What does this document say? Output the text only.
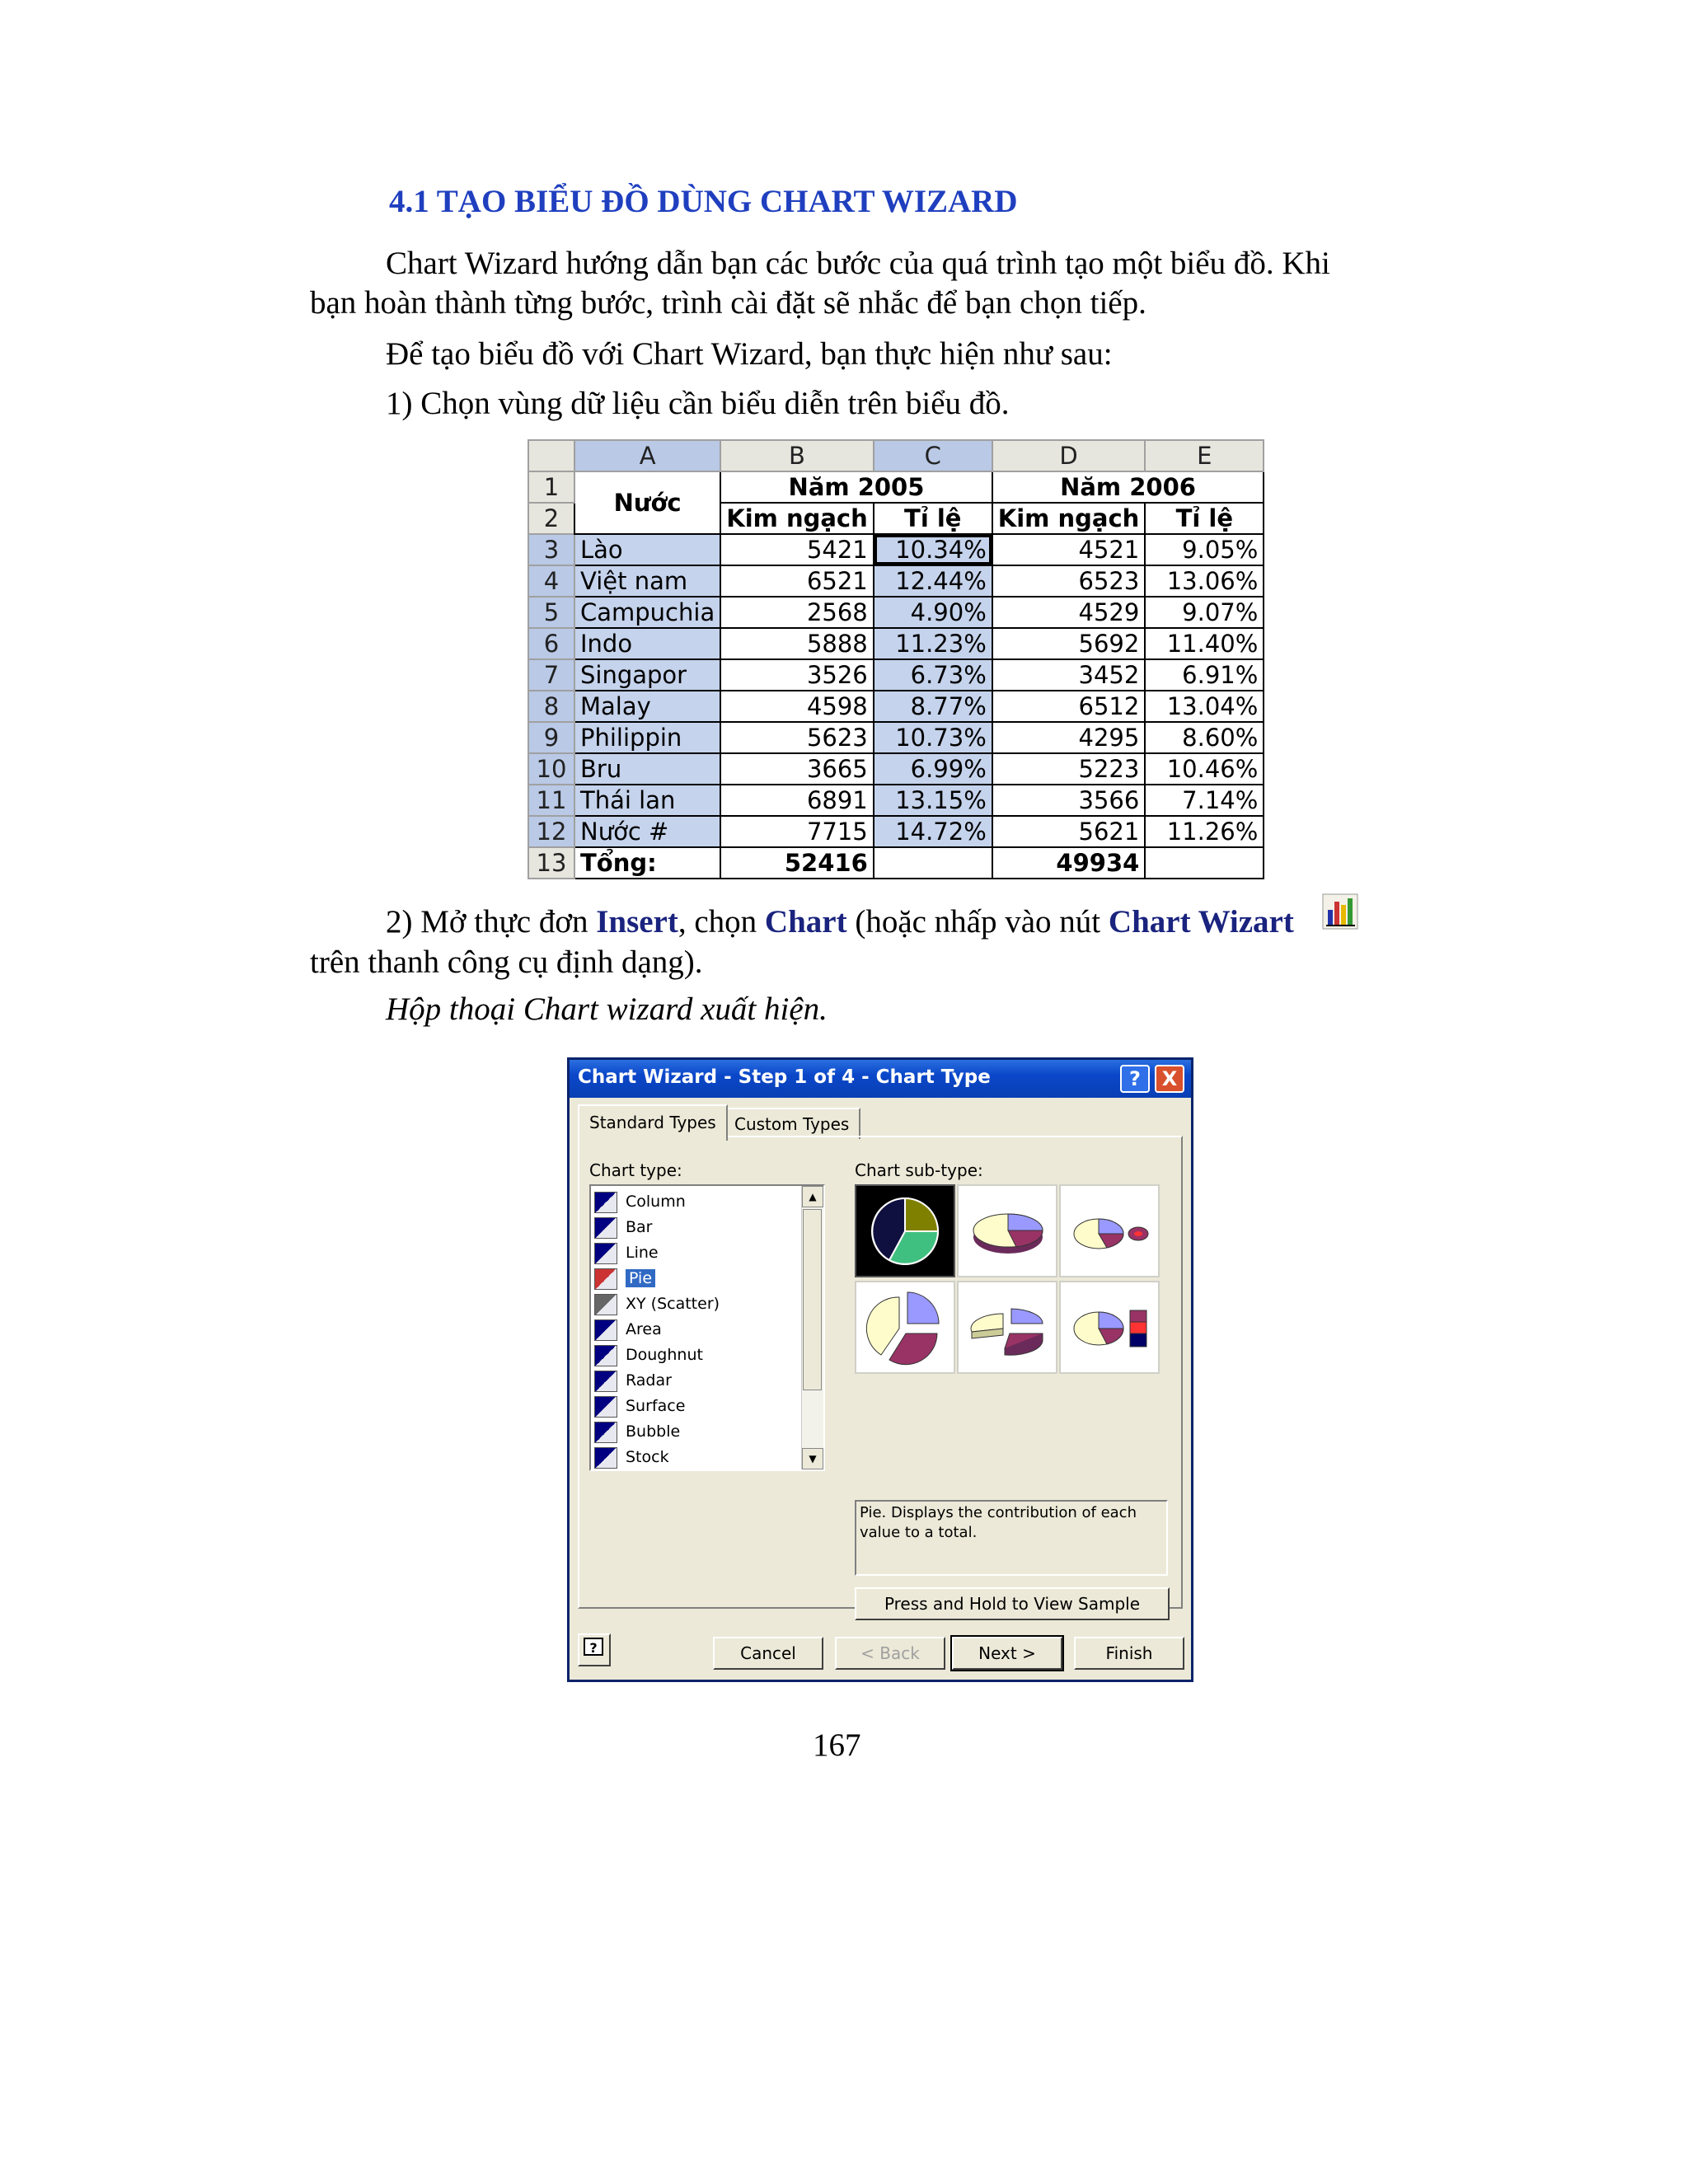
4.1 TẠO BIỂU ĐỒ DÙNG CHART WIZARD
Chart Wizard hướng dẫn bạn các bước của quá trình tạo một biểu đồ. Khi
bạn hoàn thành từng bước, trình cài đặt sẽ nhắc để bạn chọn tiếp.
Để tạo biểu đồ với Chart Wizard, bạn thực hiện như sau:
1) Chọn vùng dữ liệu cần biểu diễn trên biểu đồ.
	A	B	C	D	E
1	Nước	Năm 2005		Năm 2006	
2		Kim ngạch	Tỉ lệ	Kim ngạch	Tỉ lệ
3	Lào	5421	10.34%	4521	9.05%
4	Việt nam	6521	12.44%	6523	13.06%
5	Campuchia	2568	4.90%	4529	9.07%
6	Indo	5888	11.23%	5692	11.40%
7	Singapor	3526	6.73%	3452	6.91%
8	Malay	4598	8.77%	6512	13.04%
9	Philippin	5623	10.73%	4295	8.60%
10	Bru	3665	6.99%	5223	10.46%
11	Thái lan	6891	13.15%	3566	7.14%
12	Nước #	7715	14.72%	5621	11.26%
13	Tổng:	52416		49934	
2) Mở thực đơn Insert, chọn Chart (hoặc nhấp vào nút Chart Wizart
trên thanh công cụ định dạng).
Hộp thoại Chart wizard xuất hiện.
Chart Wizard - Step 1 of 4 - Chart Type	?	X
Standard Types	Custom Types
Chart type:	Chart sub-type:
Column
Bar
Line
Pie
XY (Scatter)
Area
Doughnut
Radar
Surface
Bubble
Stock
▲
▼
Pie. Displays the contribution of each value to a total.
Press and Hold to View Sample
?	Cancel	< Back	Next >	Finish
167
